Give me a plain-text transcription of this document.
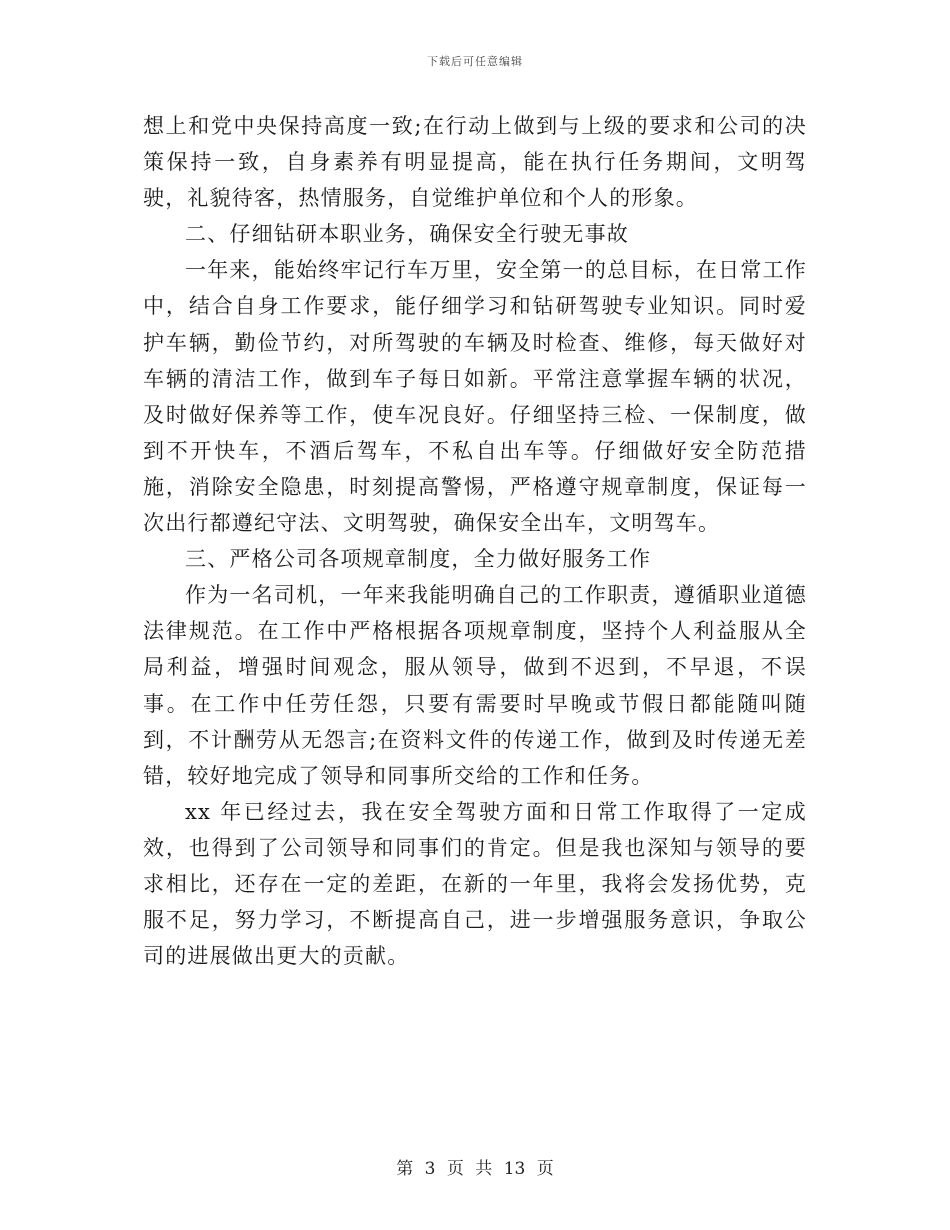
下载后可任意编辑

想上和党中央保持高度一致;在行动上做到与上级的要求和公司的决策保持一致，自身素养有明显提高，能在执行任务期间，文明驾驶，礼貌待客，热情服务，自觉维护单位和个人的形象。

二、仔细钻研本职业务，确保安全行驶无事故

一年来，能始终牢记行车万里，安全第一的总目标，在日常工作中，结合自身工作要求，能仔细学习和钻研驾驶专业知识。同时爱护车辆，勤俭节约，对所驾驶的车辆及时检查、维修，每天做好对车辆的清洁工作，做到车子每日如新。平常注意掌握车辆的状况，及时做好保养等工作，使车况良好。仔细坚持三检、一保制度，做到不开快车，不酒后驾车，不私自出车等。仔细做好安全防范措施，消除安全隐患，时刻提高警惕，严格遵守规章制度，保证每一次出行都遵纪守法、文明驾驶，确保安全出车，文明驾车。

三、严格公司各项规章制度，全力做好服务工作

作为一名司机，一年来我能明确自己的工作职责，遵循职业道德法律规范。在工作中严格根据各项规章制度，坚持个人利益服从全局利益，增强时间观念，服从领导，做到不迟到，不早退，不误事。在工作中任劳任怨，只要有需要时早晚或节假日都能随叫随到，不计酬劳从无怨言;在资料文件的传递工作，做到及时传递无差错，较好地完成了领导和同事所交给的工作和任务。

xx 年已经过去，我在安全驾驶方面和日常工作取得了一定成效，也得到了公司领导和同事们的肯定。但是我也深知与领导的要求相比，还存在一定的差距，在新的一年里，我将会发扬优势，克服不足，努力学习，不断提高自己，进一步增强服务意识，争取公司的进展做出更大的贡献。

第 3 页 共 13 页
